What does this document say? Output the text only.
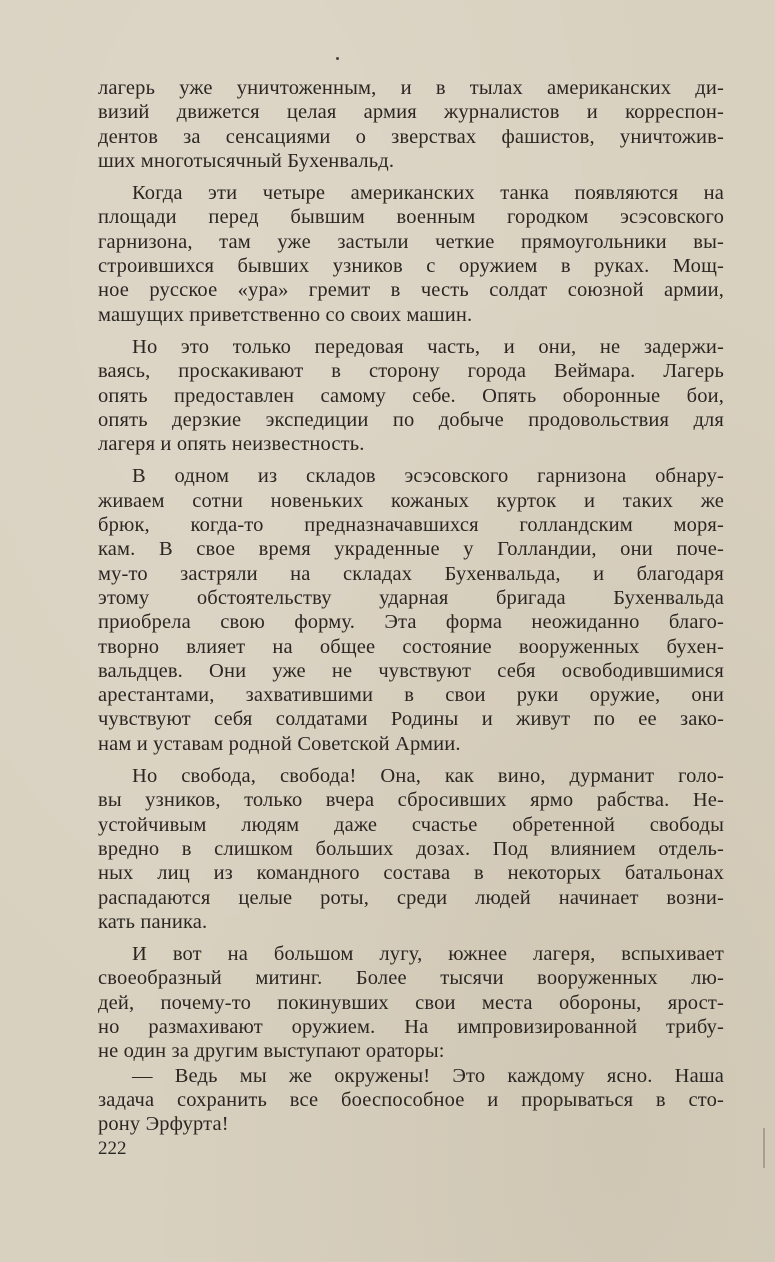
лагерь уже уничтоженным, и в тылах американских ди-
визий движется целая армия журналистов и корреспон-
дентов за сенсациями о зверствах фашистов, уничтожив-
ших многотысячный Бухенвальд.
Когда эти четыре американских танка появляются на
площади перед бывшим военным городком эсэсовского
гарнизона, там уже застыли четкие прямоугольники вы-
строившихся бывших узников с оружием в руках. Мощ-
ное русское «ура» гремит в честь солдат союзной армии,
машущих приветственно со своих машин.
Но это только передовая часть, и они, не задержи-
ваясь, проскакивают в сторону города Веймара. Лагерь
опять предоставлен самому себе. Опять оборонные бои,
опять дерзкие экспедиции по добыче продовольствия для
лагеря и опять неизвестность.
В одном из складов эсэсовского гарнизона обнару-
живаем сотни новеньких кожаных курток и таких же
брюк, когда-то предназначавшихся голландским моря-
кам. В свое время украденные у Голландии, они поче-
му-то застряли на складах Бухенвальда, и благодаря
этому обстоятельству ударная бригада Бухенвальда
приобрела свою форму. Эта форма неожиданно благо-
творно влияет на общее состояние вооруженных бухен-
вальдцев. Они уже не чувствуют себя освободившимися
арестантами, захватившими в свои руки оружие, они
чувствуют себя солдатами Родины и живут по ее зако-
нам и уставам родной Советской Армии.
Но свобода, свобода! Она, как вино, дурманит голо-
вы узников, только вчера сбросивших ярмо рабства. Не-
устойчивым людям даже счастье обретенной свободы
вредно в слишком больших дозах. Под влиянием отдель-
ных лиц из командного состава в некоторых батальонах
распадаются целые роты, среди людей начинает возни-
кать паника.
И вот на большом лугу, южнее лагеря, вспыхивает
своеобразный митинг. Более тысячи вооруженных лю-
дей, почему-то покинувших свои места обороны, ярост-
но размахивают оружием. На импровизированной трибу-
не один за другим выступают ораторы:
— Ведь мы же окружены! Это каждому ясно. Наша
задача сохранить все боеспособное и прорываться в сто-
рону Эрфурта!
222
